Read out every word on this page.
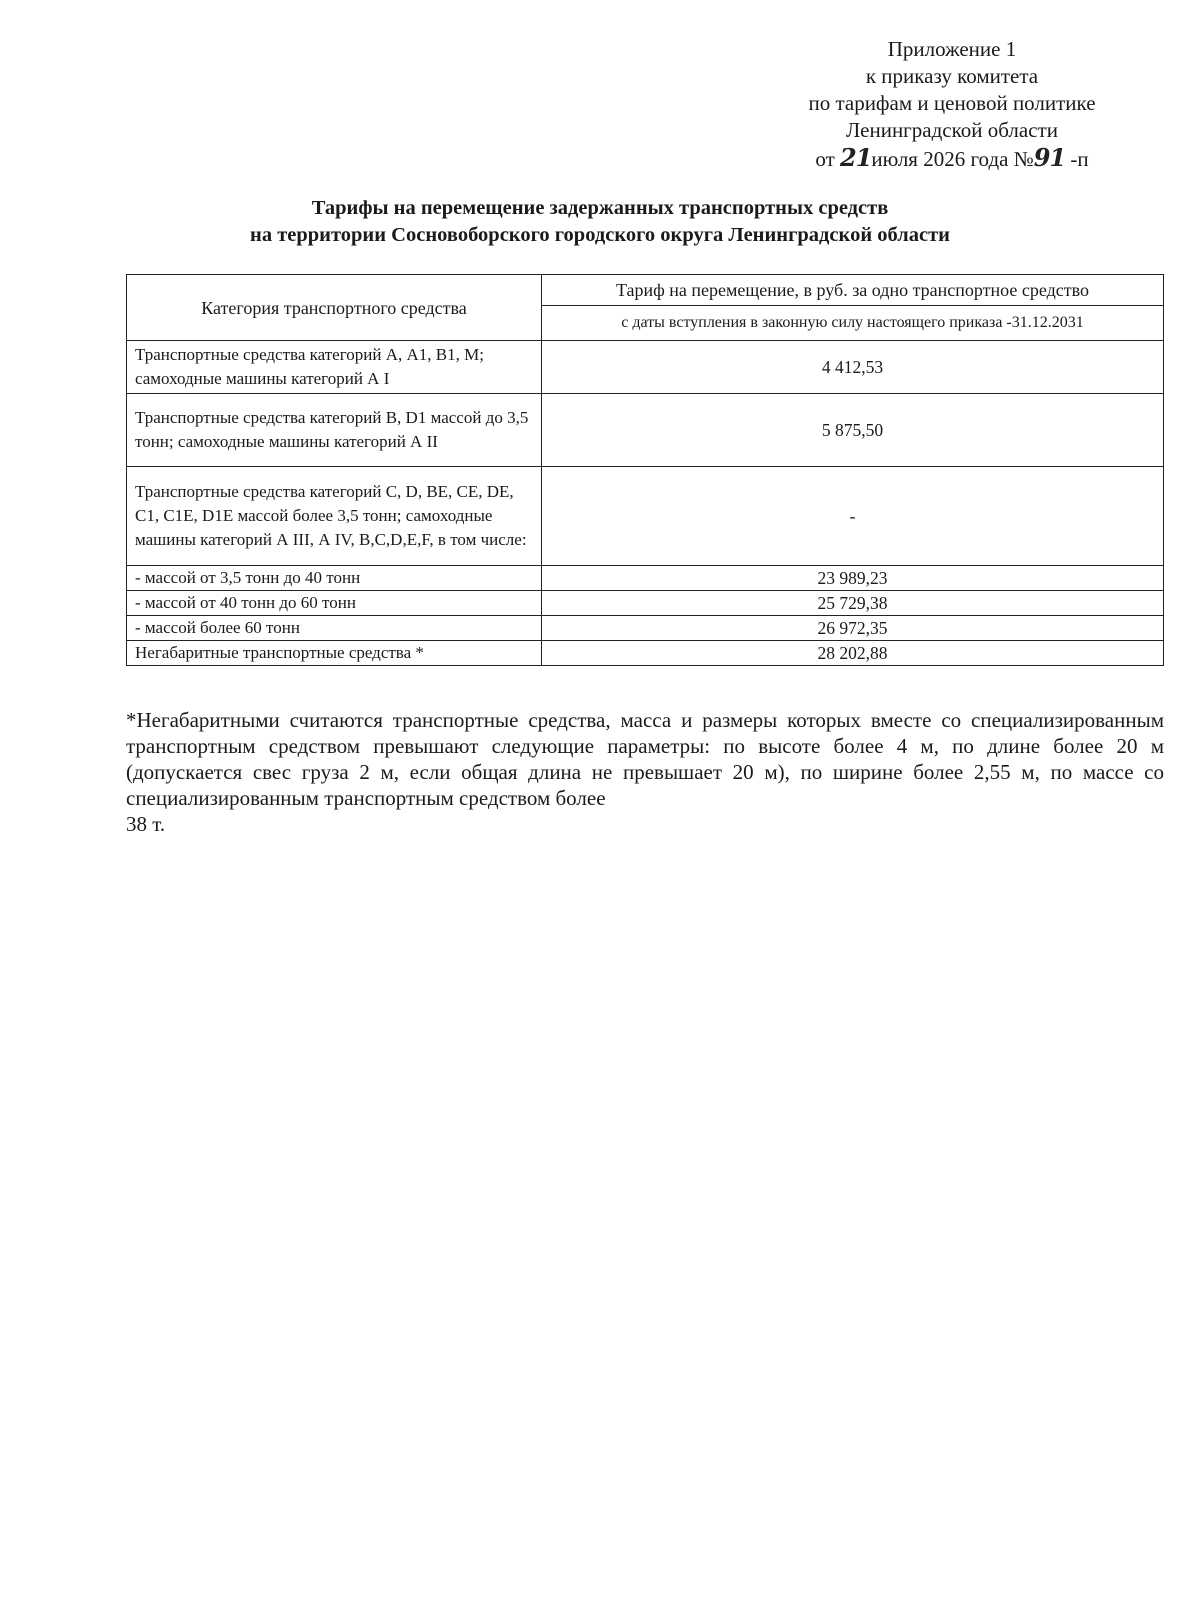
Приложение 1
к приказу комитета
по тарифам и ценовой политике
Ленинградской области
от 21июля 2026 года №91 -п
Тарифы на перемещение задержанных транспортных средств
на территории Сосновоборского городского округа Ленинградской области
Категория транспортного средства	Тариф на перемещение, в руб. за одно транспортное средство
	с даты вступления в законную силу настоящего приказа -31.12.2031
Транспортные средства категорий А, А1, В1, М; самоходные машины категорий А I	4 412,53
Транспортные средства категорий В, D1 массой до 3,5 тонн; самоходные машины категорий А II	5 875,50
Транспортные средства категорий С, D, ВЕ, СЕ, DE, С1, С1Е, D1E массой более 3,5 тонн; самоходные машины категорий А III, А IV, B,C,D,E,F, в том числе:	-
- массой от 3,5 тонн до 40 тонн	23 989,23
- массой от 40 тонн до 60 тонн	25 729,38
- массой более 60 тонн	26 972,35
Негабаритные транспортные средства *	28 202,88
*Негабаритными считаются транспортные средства, масса и размеры которых вместе со специализированным транспортным средством превышают следующие параметры: по высоте более 4 м, по длине более 20 м (допускается свес груза 2 м, если общая длина не превышает 20 м), по ширине более 2,55 м, по массе со специализированным транспортным средством более
38 т.
